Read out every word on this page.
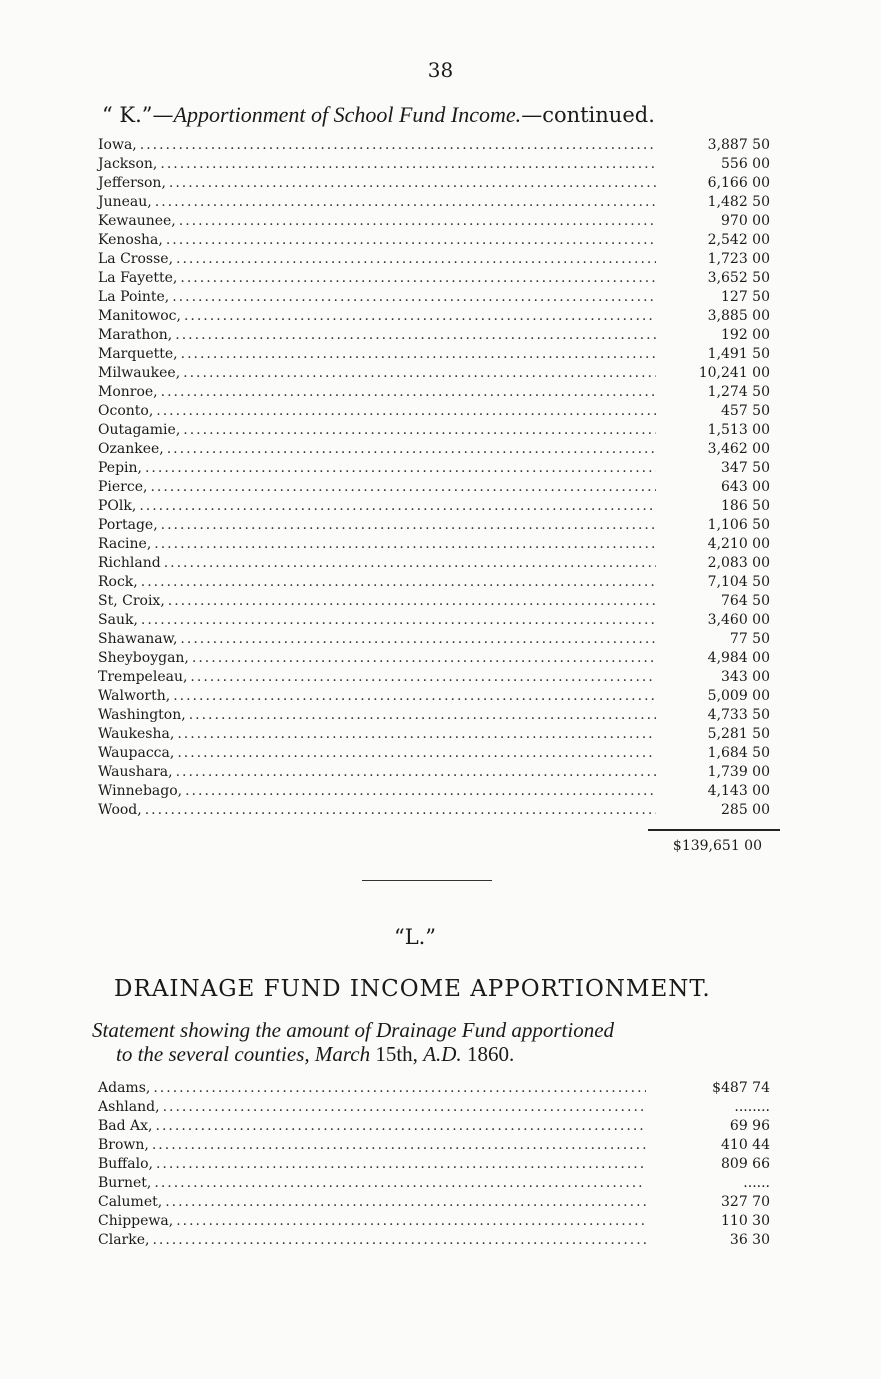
38
“ K.”—Apportionment of School Fund Income.—continued.
Iowa, .....	3,887 50
Jackson, .....	556 00
Jefferson, .....	6,166 00
Juneau, .....	1,482 50
Kewaunee, .....	970 00
Kenosha, .....	2,542 00
La Crosse, .....	1,723 00
La Fayette, .....	3,652 50
La Pointe, .....	127 50
Manitowoc, .....	3,885 00
Marathon, .....	192 00
Marquette, .....	1,491 50
Milwaukee, .....	10,241 00
Monroe, .....	1,274 50
Oconto, .....	457 50
Outagamie, .....	1,513 00
Ozankee, .....	3,462 00
Pepin, .....	347 50
Pierce, .....	643 00
POlk, .....	186 50
Portage, .....	1,106 50
Racine, .....	4,210 00
Richland .....	2,083 00
Rock, .....	7,104 50
St, Croix, .....	764 50
Sauk, .....	3,460 00
Shawanaw, .....	77 50
Sheyboygan, .....	4,984 00
Trempeleau, .....	343 00
Walworth, .....	5,009 00
Washington, .....	4,733 50
Waukesha, .....	5,281 50
Waupacca, .....	1,684 50
Waushara, .....	1,739 00
Winnebago, .....	4,143 00
Wood, .....	285 00
$139,651 00
“L.”
DRAINAGE FUND INCOME APPORTIONMENT.
Statement showing the amount of Drainage Fund apportioned
to the several counties, March 15th, A.D. 1860.
Adams, .....	$487 74
Ashland, .....	........
Bad Ax, .....	69 96
Brown, .....	410 44
Buffalo, .....	809 66
Burnet, .....	......
Calumet, .....	327 70
Chippewa, .....	110 30
Clarke, .....	36 30
